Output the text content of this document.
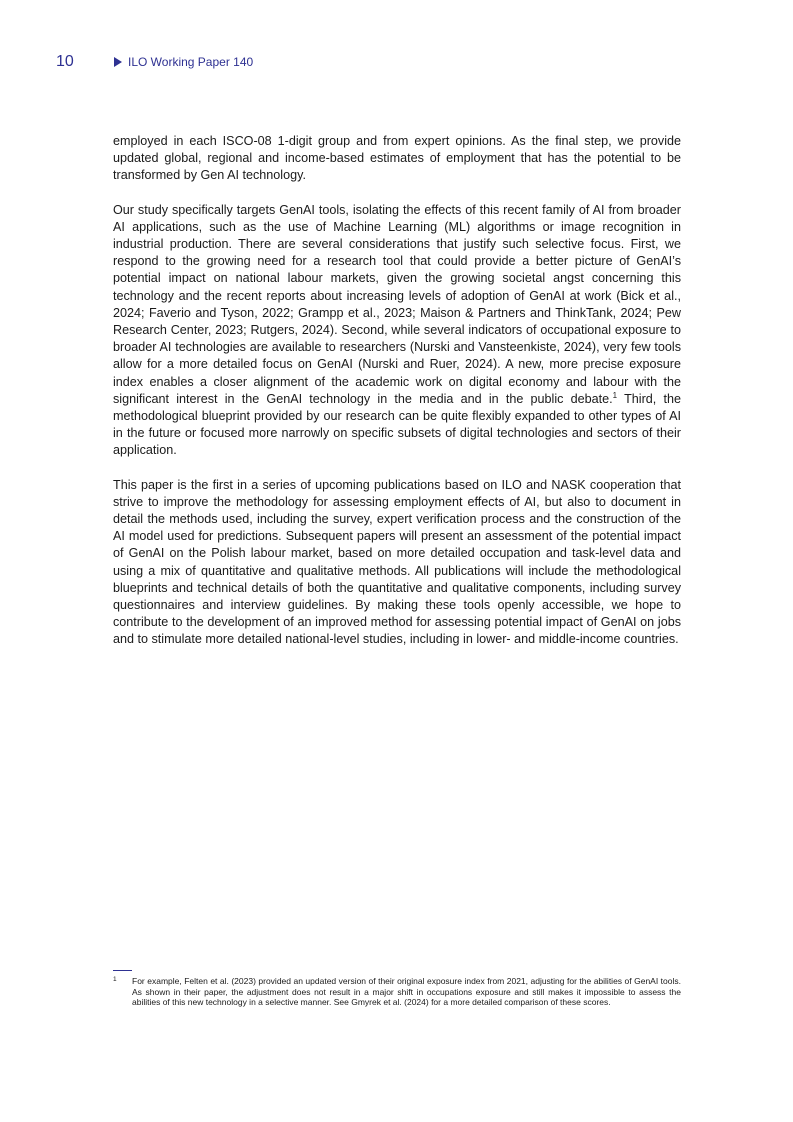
10	ILO Working Paper 140

employed in each ISCO-08 1-digit group and from expert opinions. As the final step, we provide updated global, regional and income-based estimates of employment that has the potential to be transformed by Gen AI technology.

Our study specifically targets GenAI tools, isolating the effects of this recent family of AI from broader AI applications, such as the use of Machine Learning (ML) algorithms or image recognition in industrial production. There are several considerations that justify such selective focus. First, we respond to the growing need for a research tool that could provide a better picture of GenAI’s potential impact on national labour markets, given the growing societal angst concerning this technology and the recent reports about increasing levels of adoption of GenAI at work (Bick et al., 2024; Faverio and Tyson, 2022; Grampp et al., 2023; Maison & Partners and ThinkTank, 2024; Pew Research Center, 2023; Rutgers, 2024). Second, while several indicators of occupational exposure to broader AI technologies are available to researchers (Nurski and Vansteenkiste, 2024), very few tools allow for a more detailed focus on GenAI (Nurski and Ruer, 2024). A new, more precise exposure index enables a closer alignment of the academic work on digital economy and labour with the significant interest in the GenAI technology in the media and in the public debate.$^1$ Third, the methodological blueprint provided by our research can be quite flexibly expanded to other types of AI in the future or focused more narrowly on specific subsets of digital technologies and sectors of their application.

This paper is the first in a series of upcoming publications based on ILO and NASK cooperation that strive to improve the methodology for assessing employment effects of AI, but also to document in detail the methods used, including the survey, expert verification process and the construction of the AI model used for predictions. Subsequent papers will present an assessment of the potential impact of GenAI on the Polish labour market, based on more detailed occupation and task-level data and using a mix of quantitative and qualitative methods. All publications will include the methodological blueprints and technical details of both the quantitative and qualitative components, including survey questionnaires and interview guidelines. By making these tools openly accessible, we hope to contribute to the development of an improved method for assessing potential impact of GenAI on jobs and to stimulate more detailed national-level studies, including in lower- and middle-income countries.

1 For example, Felten et al. (2023) provided an updated version of their original exposure index from 2021, adjusting for the abilities of GenAI tools. As shown in their paper, the adjustment does not result in a major shift in occupations exposure and still makes it impossible to assess the abilities of this new technology in a selective manner. See Gmyrek et al. (2024) for a more detailed comparison of these scores.
